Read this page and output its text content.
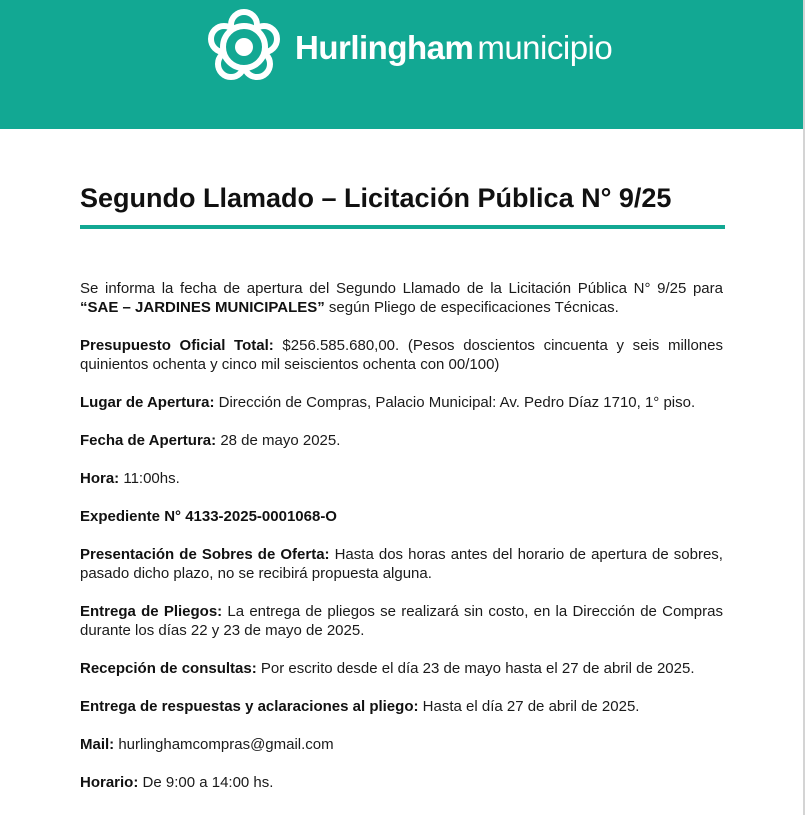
Hurlingham municipio
Segundo Llamado – Licitación Pública N° 9/25

Se informa la fecha de apertura del Segundo Llamado de la Licitación Pública N° 9/25 para “SAE – JARDINES MUNICIPALES” según Pliego de especificaciones Técnicas.

Presupuesto Oficial Total: $256.585.680,00. (Pesos doscientos cincuenta y seis millones quinientos ochenta y cinco mil seiscientos ochenta con 00/100)

Lugar de Apertura: Dirección de Compras, Palacio Municipal: Av. Pedro Díaz 1710, 1° piso.

Fecha de Apertura: 28 de mayo 2025.

Hora: 11:00hs.

Expediente N° 4133-2025-0001068-O

Presentación de Sobres de Oferta: Hasta dos horas antes del horario de apertura de sobres, pasado dicho plazo, no se recibirá propuesta alguna.

Entrega de Pliegos: La entrega de pliegos se realizará sin costo, en la Dirección de Compras durante los días 22 y 23 de mayo de 2025.

Recepción de consultas: Por escrito desde el día 23 de mayo hasta el 27 de abril de 2025.

Entrega de respuestas y aclaraciones al pliego: Hasta el día 27 de abril de 2025.

Mail: hurlinghamcompras@gmail.com

Horario: De 9:00 a 14:00 hs.
